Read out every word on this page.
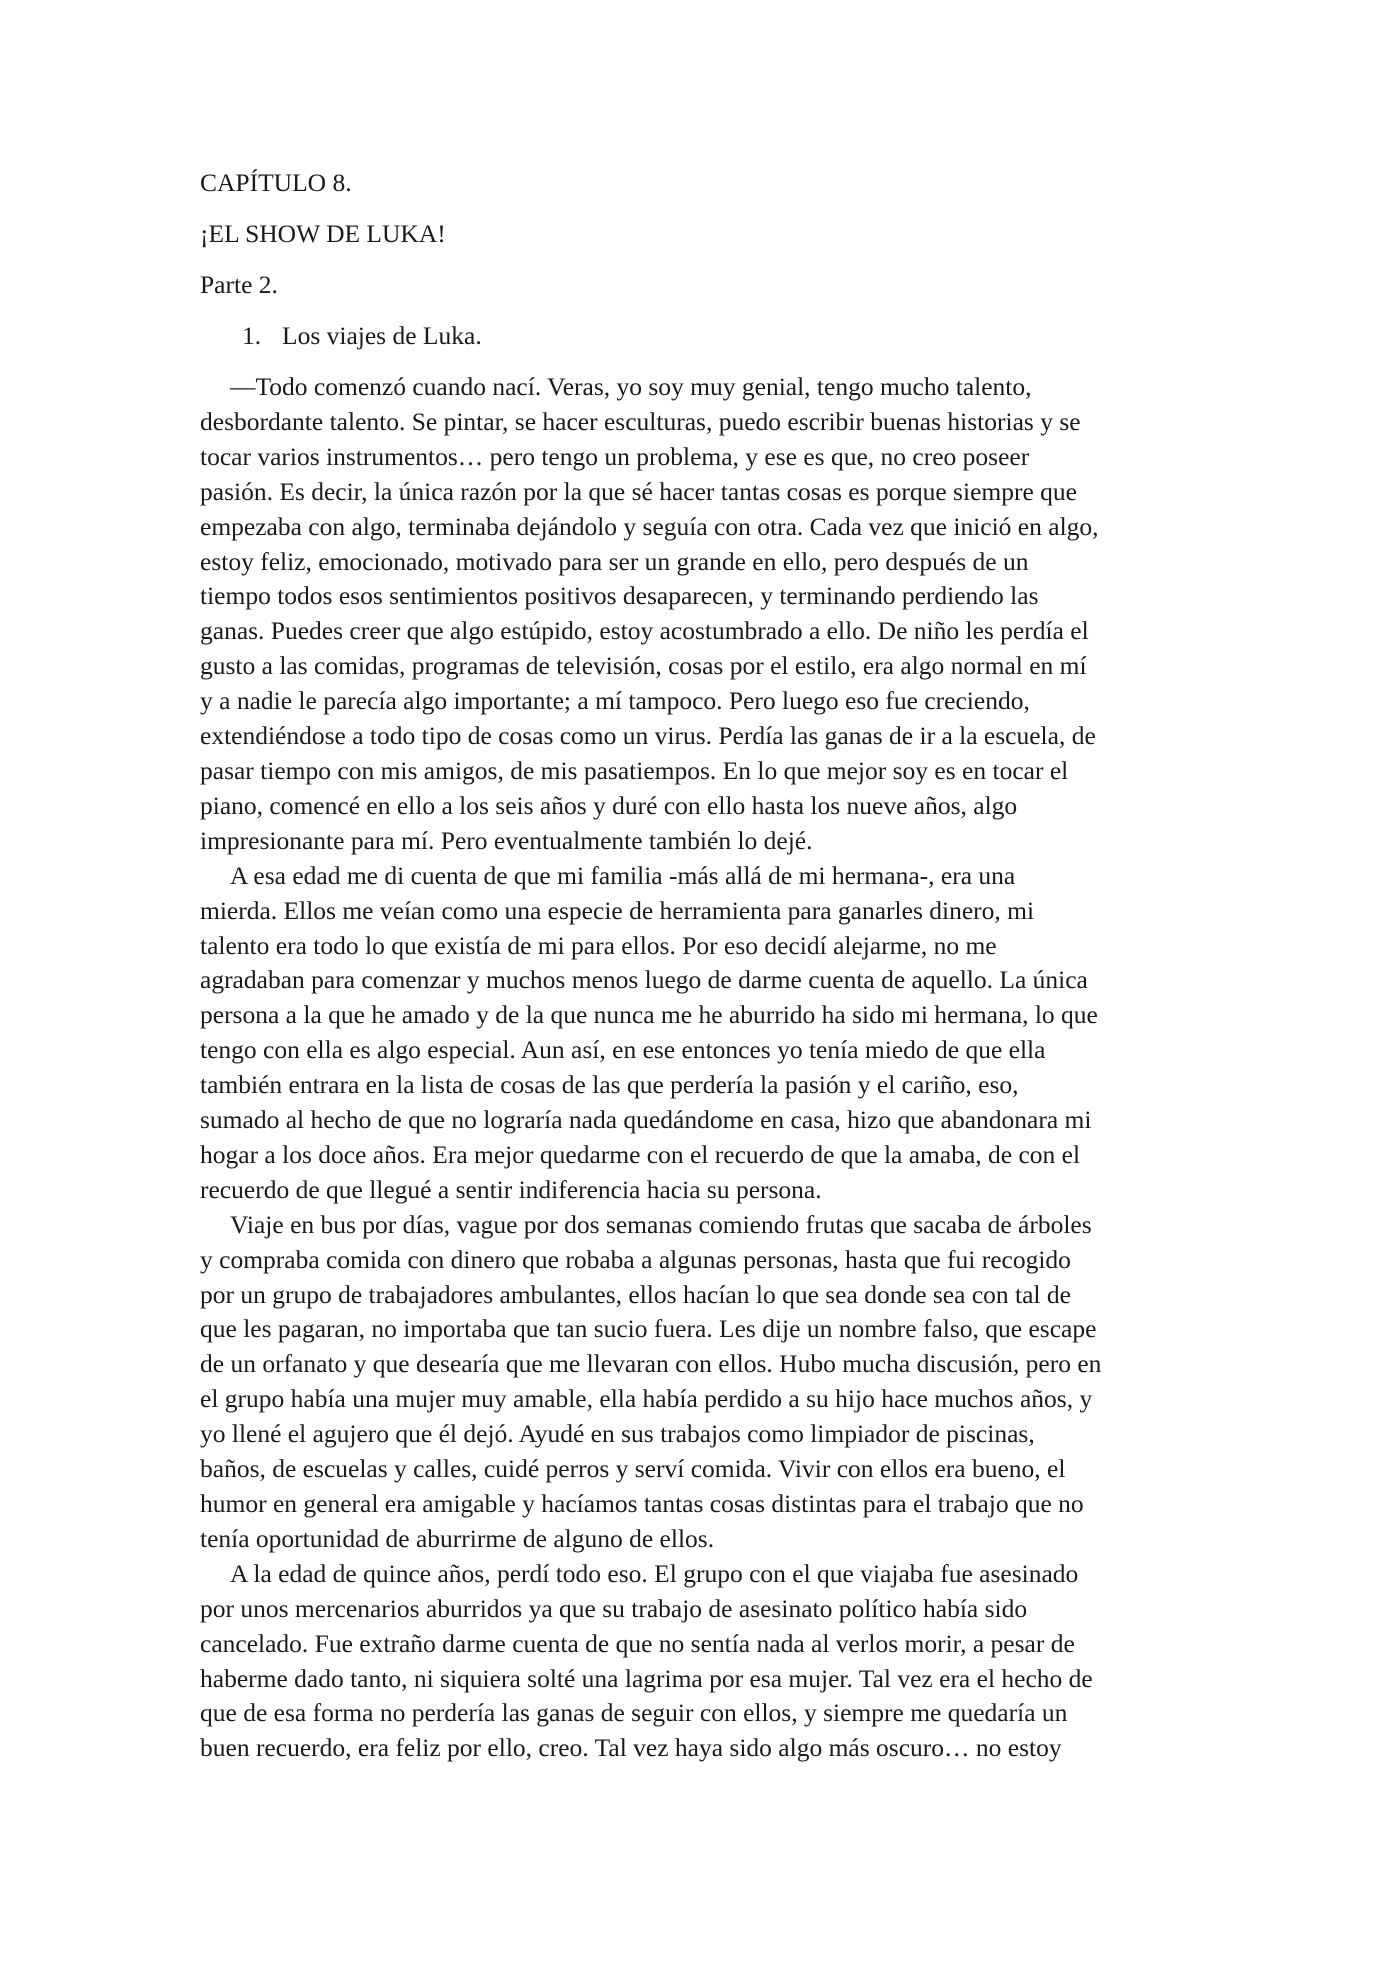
CAPÍTULO 8.
¡EL SHOW DE LUKA!
Parte 2.
1. Los viajes de Luka.
—Todo comenzó cuando nací. Veras, yo soy muy genial, tengo mucho talento,
desbordante talento. Se pintar, se hacer esculturas, puedo escribir buenas historias y se
tocar varios instrumentos… pero tengo un problema, y ese es que, no creo poseer
pasión. Es decir, la única razón por la que sé hacer tantas cosas es porque siempre que
empezaba con algo, terminaba dejándolo y seguía con otra. Cada vez que inició en algo,
estoy feliz, emocionado, motivado para ser un grande en ello, pero después de un
tiempo todos esos sentimientos positivos desaparecen, y terminando perdiendo las
ganas. Puedes creer que algo estúpido, estoy acostumbrado a ello. De niño les perdía el
gusto a las comidas, programas de televisión, cosas por el estilo, era algo normal en mí
y a nadie le parecía algo importante; a mí tampoco. Pero luego eso fue creciendo,
extendiéndose a todo tipo de cosas como un virus. Perdía las ganas de ir a la escuela, de
pasar tiempo con mis amigos, de mis pasatiempos. En lo que mejor soy es en tocar el
piano, comencé en ello a los seis años y duré con ello hasta los nueve años, algo
impresionante para mí. Pero eventualmente también lo dejé.
A esa edad me di cuenta de que mi familia -más allá de mi hermana-, era una
mierda. Ellos me veían como una especie de herramienta para ganarles dinero, mi
talento era todo lo que existía de mi para ellos. Por eso decidí alejarme, no me
agradaban para comenzar y muchos menos luego de darme cuenta de aquello. La única
persona a la que he amado y de la que nunca me he aburrido ha sido mi hermana, lo que
tengo con ella es algo especial. Aun así, en ese entonces yo tenía miedo de que ella
también entrara en la lista de cosas de las que perdería la pasión y el cariño, eso,
sumado al hecho de que no lograría nada quedándome en casa, hizo que abandonara mi
hogar a los doce años. Era mejor quedarme con el recuerdo de que la amaba, de con el
recuerdo de que llegué a sentir indiferencia hacia su persona.
Viaje en bus por días, vague por dos semanas comiendo frutas que sacaba de árboles
y compraba comida con dinero que robaba a algunas personas, hasta que fui recogido
por un grupo de trabajadores ambulantes, ellos hacían lo que sea donde sea con tal de
que les pagaran, no importaba que tan sucio fuera. Les dije un nombre falso, que escape
de un orfanato y que desearía que me llevaran con ellos. Hubo mucha discusión, pero en
el grupo había una mujer muy amable, ella había perdido a su hijo hace muchos años, y
yo llené el agujero que él dejó. Ayudé en sus trabajos como limpiador de piscinas,
baños, de escuelas y calles, cuidé perros y serví comida. Vivir con ellos era bueno, el
humor en general era amigable y hacíamos tantas cosas distintas para el trabajo que no
tenía oportunidad de aburrirme de alguno de ellos.
A la edad de quince años, perdí todo eso. El grupo con el que viajaba fue asesinado
por unos mercenarios aburridos ya que su trabajo de asesinato político había sido
cancelado. Fue extraño darme cuenta de que no sentía nada al verlos morir, a pesar de
haberme dado tanto, ni siquiera solté una lagrima por esa mujer. Tal vez era el hecho de
que de esa forma no perdería las ganas de seguir con ellos, y siempre me quedaría un
buen recuerdo, era feliz por ello, creo. Tal vez haya sido algo más oscuro… no estoy
